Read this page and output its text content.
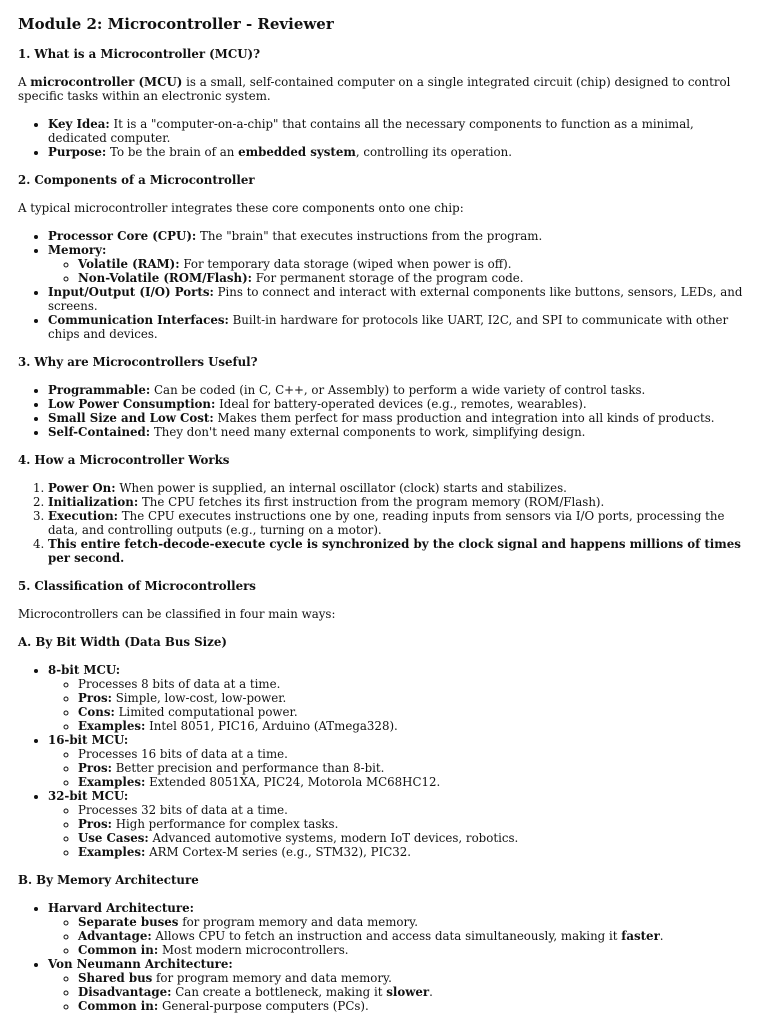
Module 2: Microcontroller - Reviewer
1. What is a Microcontroller (MCU)?

A microcontroller (MCU) is a small, self-contained computer on a single integrated circuit (chip) designed to control specific tasks within an electronic system.

• Key Idea: It is a "computer-on-a-chip" that contains all the necessary components to function as a minimal, dedicated computer.
• Purpose: To be the brain of an embedded system, controlling its operation.
2. Components of a Microcontroller

A typical microcontroller integrates these core components onto one chip:

• Processor Core (CPU): The "brain" that executes instructions from the program.
• Memory:
◦ Volatile (RAM): For temporary data storage (wiped when power is off).
◦ Non-Volatile (ROM/Flash): For permanent storage of the program code.
• Input/Output (I/O) Ports: Pins to connect and interact with external components like buttons, sensors, LEDs, and screens.
• Communication Interfaces: Built-in hardware for protocols like UART, I2C, and SPI to communicate with other chips and devices.
3. Why are Microcontrollers Useful?
• Programmable: Can be coded (in C, C++, or Assembly) to perform a wide variety of control tasks.
• Low Power Consumption: Ideal for battery-operated devices (e.g., remotes, wearables).
• Small Size and Low Cost: Makes them perfect for mass production and integration into all kinds of products.
• Self-Contained: They don't need many external components to work, simplifying design.
4. How a Microcontroller Works
1. Power On: When power is supplied, an internal oscillator (clock) starts and stabilizes.
2. Initialization: The CPU fetches its first instruction from the program memory (ROM/Flash).
3. Execution: The CPU executes instructions one by one, reading inputs from sensors via I/O ports, processing the data, and controlling outputs (e.g., turning on a motor).
4. This entire fetch-decode-execute cycle is synchronized by the clock signal and happens millions of times per second.
5. Classification of Microcontrollers

Microcontrollers can be classified in four main ways:

A. By Bit Width (Data Bus Size)
• 8-bit MCU:
◦ Processes 8 bits of data at a time.
◦ Pros: Simple, low-cost, low-power.
◦ Cons: Limited computational power.
◦ Examples: Intel 8051, PIC16, Arduino (ATmega328).
• 16-bit MCU:
◦ Processes 16 bits of data at a time.
◦ Pros: Better precision and performance than 8-bit.
◦ Examples: Extended 8051XA, PIC24, Motorola MC68HC12.
• 32-bit MCU:
◦ Processes 32 bits of data at a time.
◦ Pros: High performance for complex tasks.
◦ Use Cases: Advanced automotive systems, modern IoT devices, robotics.
◦ Examples: ARM Cortex-M series (e.g., STM32), PIC32.
B. By Memory Architecture
• Harvard Architecture:
◦ Separate buses for program memory and data memory.
◦ Advantage: Allows CPU to fetch an instruction and access data simultaneously, making it faster.
◦ Common in: Most modern microcontrollers.
• Von Neumann Architecture:
◦ Shared bus for program memory and data memory.
◦ Disadvantage: Can create a bottleneck, making it slower.
◦ Common in: General-purpose computers (PCs).
